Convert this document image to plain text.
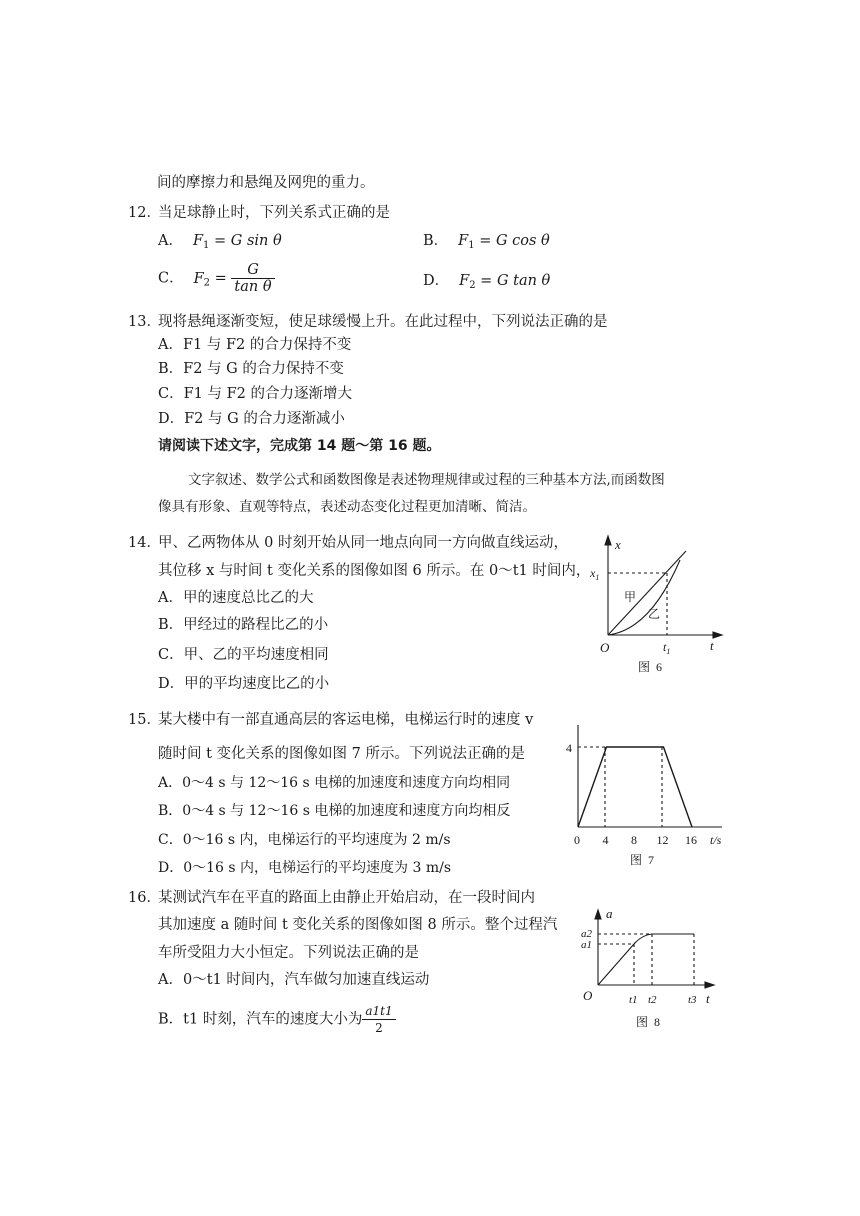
间的摩擦力和悬绳及网兜的重力。
12．
当足球静止时，下列关系式正确的是
A． $F_1 = G$ sin θ	B． $F_1 = G$ cos θ
C． $F_2 = \frac{G}{\text{tan θ}}$	D． $F_2 = G$ tan θ
13．
现将悬绳逐渐变短，使足球缓慢上升。在此过程中，下列说法正确的是
A．F1 与 F2 的合力保持不变
B．F2 与 G 的合力保持不变
C．F1 与 F2 的合力逐渐增大
D．F2 与 G 的合力逐渐减小
请阅读下述文字，完成第 14 题～第 16 题。
文字叙述、数学公式和函数图像是表述物理规律或过程的三种基本方法,而函数图
像具有形象、直观等特点，表述动态变化过程更加清晰、简洁。
14．
甲、乙两物体从 0 时刻开始从同一地点向同一方向做直线运动，
其位移 x 与时间 t 变化关系的图像如图 6 所示。在 0～t1 时间内，
A．甲的速度总比乙的大
B．甲经过的路程比乙的小
C．甲、乙的平均速度相同
D．甲的平均速度比乙的小
x
t
O
$x_1$
$t_1$
甲
乙
图  6
15．
某大楼中有一部直通高层的客运电梯，电梯运行时的速度 v
随时间 t 变化关系的图像如图 7 所示。下列说法正确的是
A．0～4 s 与 12～16 s 电梯的加速度和速度方向均相同
B．0～4 s 与 12～16 s 电梯的加速度和速度方向均相反
C．0～16 s 内，电梯运行的平均速度为 2 m/s
D．0～16 s 内，电梯运行的平均速度为 3 m/s
0 4 8 12 16
4
t/s
图  7
16．
某测试汽车在平直的路面上由静止开始启动，在一段时间内
其加速度 a 随时间 t 变化关系的图像如图 8 所示。整个过程汽
车所受阻力大小恒定。下列说法正确的是
A．0～t1 时间内，汽车做匀加速直线运动
B．t1 时刻，汽车的速度大小为 $\frac{a1t1}{2}$
a
t
O
a2
a1
t1 t2	t3
图  8
